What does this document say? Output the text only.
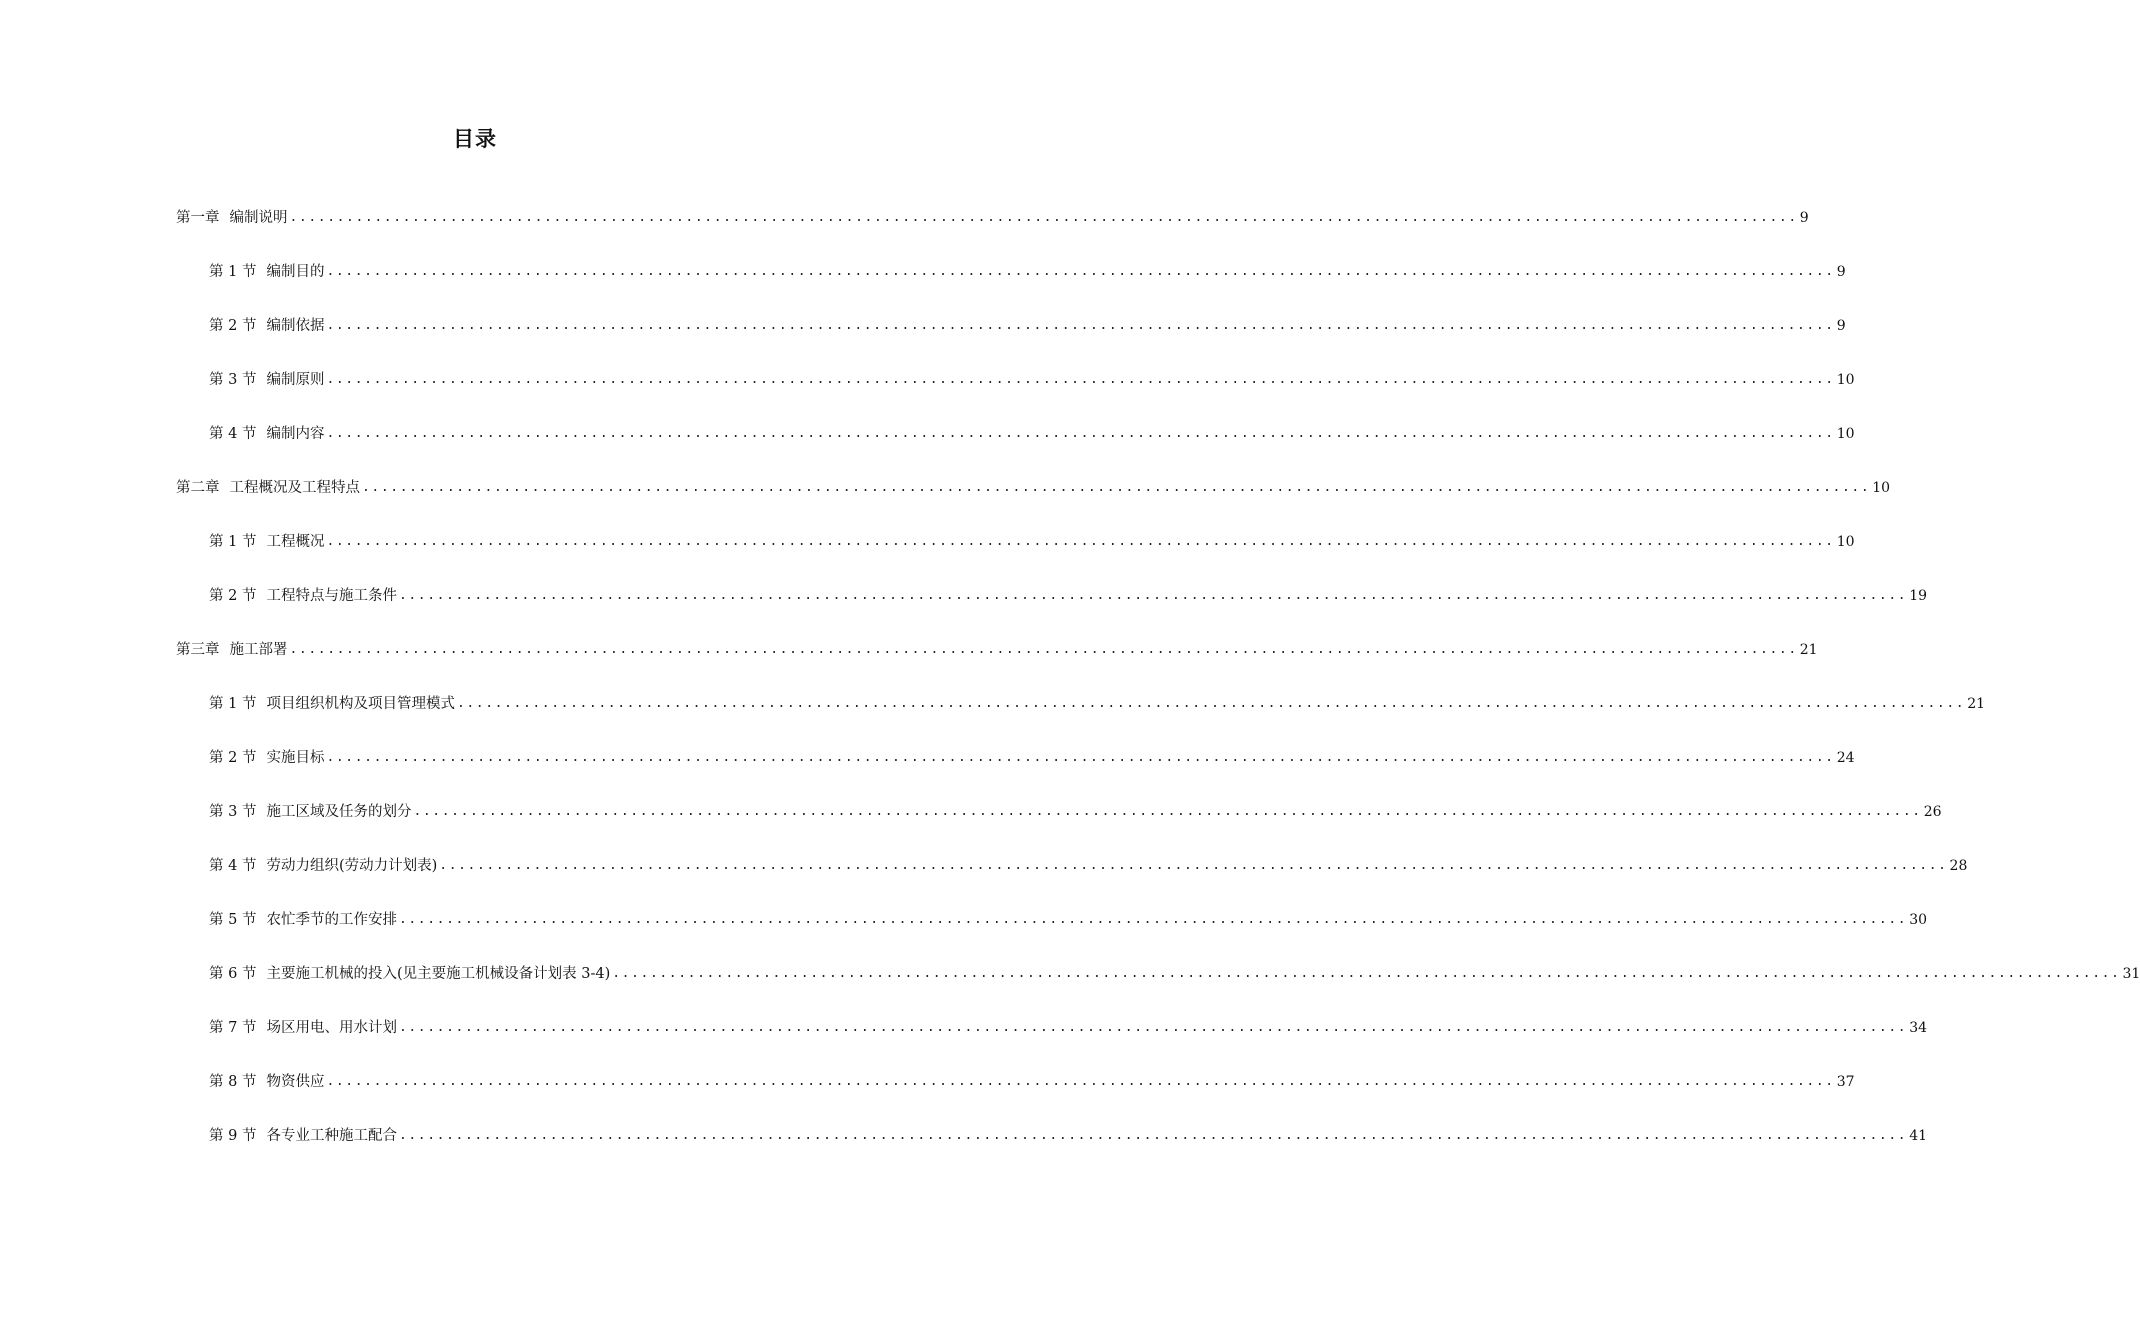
目录
第一章 编制说明 ................................................................................................................................................................ 9
第 1 节 编制目的 ................................................................................................................................................................ 9
第 2 节 编制依据 ................................................................................................................................................................ 9
第 3 节 编制原则 ................................................................................................................................................................ 10
第 4 节 编制内容 ................................................................................................................................................................ 10
第二章 工程概况及工程特点 ................................................................................................................................................................ 10
第 1 节 工程概况 ................................................................................................................................................................ 10
第 2 节 工程特点与施工条件 ................................................................................................................................................................ 19
第三章 施工部署 ................................................................................................................................................................ 21
第 1 节 项目组织机构及项目管理模式 ................................................................................................................................................................ 21
第 2 节 实施目标 ................................................................................................................................................................ 24
第 3 节 施工区域及任务的划分 ................................................................................................................................................................ 26
第 4 节 劳动力组织(劳动力计划表) ................................................................................................................................................................ 28
第 5 节 农忙季节的工作安排 ................................................................................................................................................................ 30
第 6 节 主要施工机械的投入(见主要施工机械设备计划表 3-4) ................................................................................................................................................................ 31
第 7 节 场区用电、用水计划 ................................................................................................................................................................ 34
第 8 节 物资供应 ................................................................................................................................................................ 37
第 9 节 各专业工种施工配合 ................................................................................................................................................................ 41
